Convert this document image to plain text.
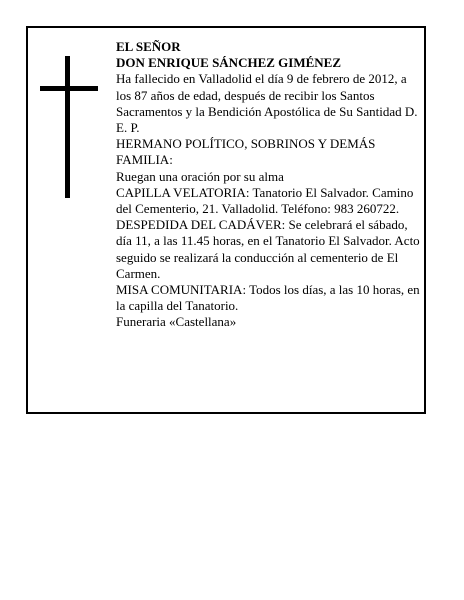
EL SEÑOR

DON ENRIQUE SÁNCHEZ GIMÉNEZ

Ha fallecido en Valladolid el día 9 de febrero de 2012, a los 87 años de edad, después de recibir los Santos Sacramentos y la Bendición Apostólica de Su Santidad D. E. P.

HERMANO POLÍTICO, SOBRINOS Y DEMÁS FAMILIA:

Ruegan una oración por su alma

CAPILLA VELATORIA: Tanatorio El Salvador. Camino del Cementerio, 21. Valladolid. Teléfono: 983 260722.

DESPEDIDA DEL CADÁVER: Se celebrará el sábado, día 11, a las 11.45 horas, en el Tanatorio El Salvador. Acto seguido se realizará la conducción al cementerio de El Carmen.

MISA COMUNITARIA: Todos los días, a las 10 horas, en la capilla del Tanatorio.

Funeraria «Castellana»
